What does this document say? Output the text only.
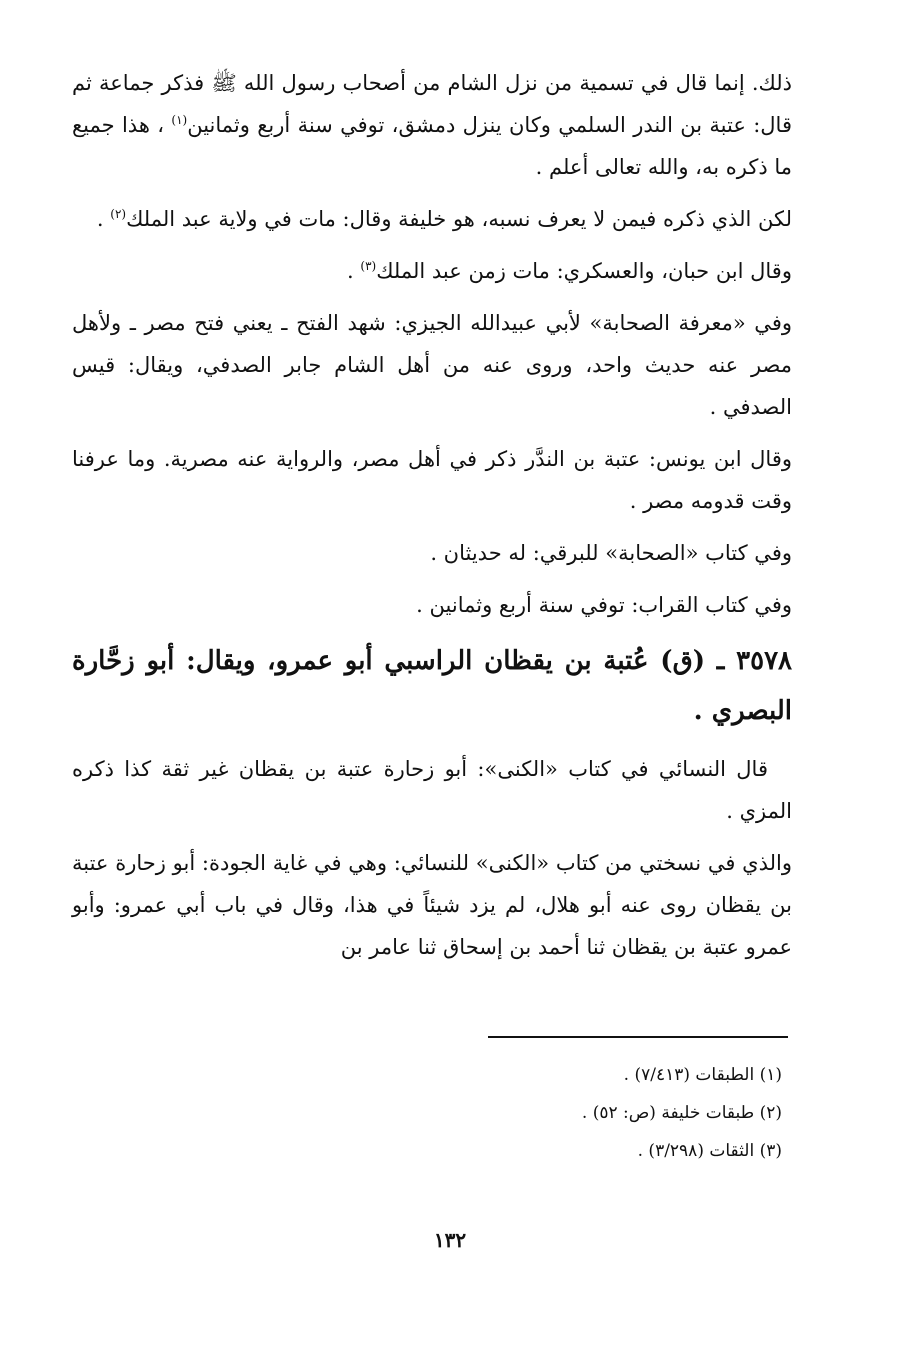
ذلك. إنما قال في تسمية من نزل الشام من أصحاب رسول الله ﷺ فذكر جماعة ثم قال: عتبة بن الندر السلمي وكان ينزل دمشق، توفي سنة أربع وثمانين$^{(١)}$ ، هذا جميع ما ذكره به، والله تعالى أعلم .

لكن الذي ذكره فيمن لا يعرف نسبه، هو خليفة وقال: مات في ولاية عبد الملك$^{(٢)}$ .

وقال ابن حبان، والعسكري: مات زمن عبد الملك$^{(٣)}$ .

وفي «معرفة الصحابة» لأبي عبيدالله الجيزي: شهد الفتح ـ يعني فتح مصر ـ ولأهل مصر عنه حديث واحد، وروى عنه من أهل الشام جابر الصدفي، ويقال: قيس الصدفي .

وقال ابن يونس: عتبة بن الندَّر ذكر في أهل مصر، والرواية عنه مصرية. وما عرفنا وقت قدومه مصر .

وفي كتاب «الصحابة» للبرقي: له حديثان .

وفي كتاب القراب: توفي سنة أربع وثمانين .

٣٥٧٨ ـ (ق) عُتبة بن يقظان الراسبي أبو عمرو، ويقال: أبو زحَّارة البصري .

قال النسائي في كتاب «الكنى»: أبو زحارة عتبة بن يقظان غير ثقة كذا ذكره المزي .

والذي في نسختي من كتاب «الكنى» للنسائي: وهي في غاية الجودة: أبو زحارة عتبة بن يقظان روى عنه أبو هلال، لم يزد شيئاً في هذا، وقال في باب أبي عمرو: وأبو عمرو عتبة بن يقظان ثنا أحمد بن إسحاق ثنا عامر بن

(١) الطبقات (٧/٤١٣) .
(٢) طبقات خليفة (ص: ٥٢) .
(٣) الثقات (٣/٢٩٨) .
١٣٢
